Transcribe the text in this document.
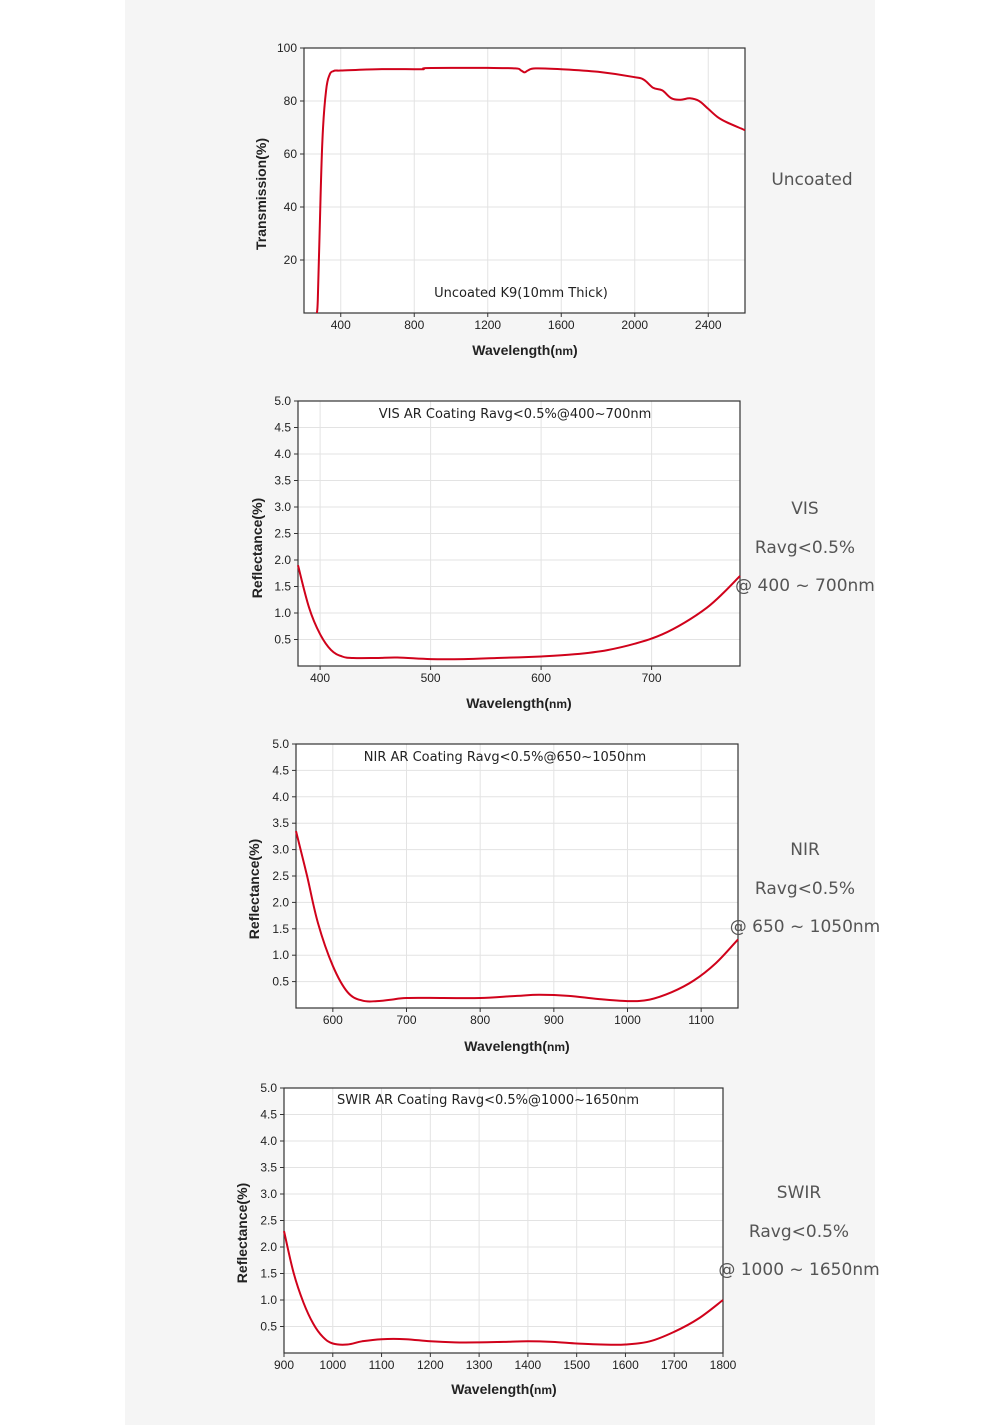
400	800	1200	1600	2000	2400
20
40
60
80
100
Uncoated K9(10mm Thick)
Wavelength(nm)
Transmission(%)
400	500	600	700
0.5
1.0
1.5
2.0
2.5
3.0
3.5
4.0
4.5
5.0
VIS AR Coating Ravg<0.5%@400~700nm
Wavelength(nm)
Reflectance(%)
600	700	800	900	1000	1100
0.5
1.0
1.5
2.0
2.5
3.0
3.5
4.0
4.5
5.0
NIR AR Coating Ravg<0.5%@650~1050nm
Wavelength(nm)
Reflectance(%)
900 1000 1100 1200 1300 1400 1500 1600 1700 1800
0.5
1.0
1.5
2.0
2.5
3.0
3.5
4.0
4.5
5.0
SWIR AR Coating Ravg<0.5%@1000~1650nm
Wavelength(nm)
Reflectance(%)
Uncoated
VIS
Ravg<0.5%
@ 400 ~ 700nm
NIR
Ravg<0.5%
@ 650 ~ 1050nm
SWIR
Ravg<0.5%
@ 1000 ~ 1650nm
